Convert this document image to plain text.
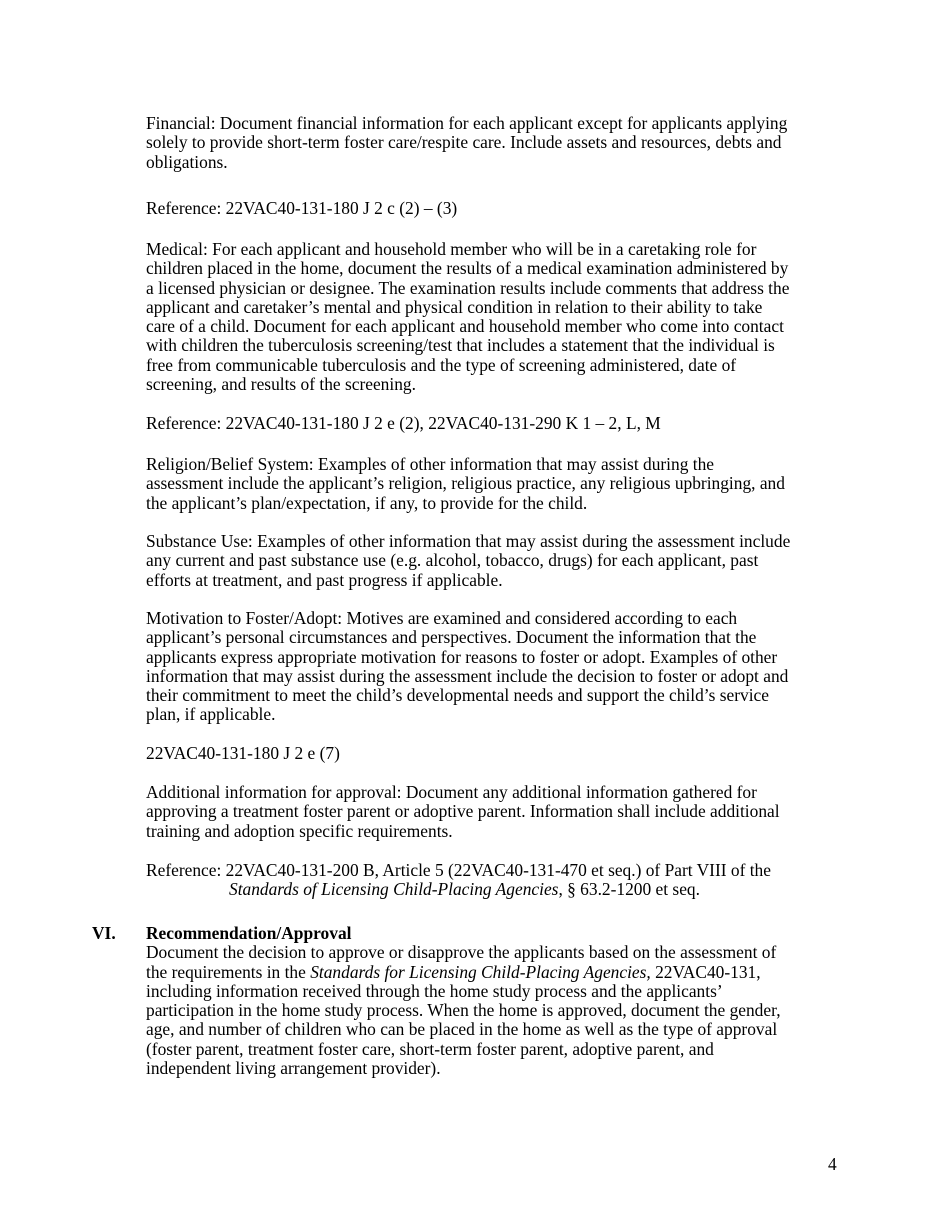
Financial: Document financial information for each applicant except for applicants applying
solely to provide short-term foster care/respite care. Include assets and resources, debts and
obligations.

Reference: 22VAC40-131-180 J 2 c (2) – (3)

Medical: For each applicant and household member who will be in a caretaking role for
children placed in the home, document the results of a medical examination administered by
a licensed physician or designee. The examination results include comments that address the
applicant and caretaker’s mental and physical condition in relation to their ability to take
care of a child. Document for each applicant and household member who come into contact
with children the tuberculosis screening/test that includes a statement that the individual is
free from communicable tuberculosis and the type of screening administered, date of
screening, and results of the screening.

Reference: 22VAC40-131-180 J 2 e (2), 22VAC40-131-290 K 1 – 2, L, M

Religion/Belief System: Examples of other information that may assist during the
assessment include the applicant’s religion, religious practice, any religious upbringing, and
the applicant’s plan/expectation, if any, to provide for the child.

Substance Use: Examples of other information that may assist during the assessment include
any current and past substance use (e.g. alcohol, tobacco, drugs) for each applicant, past
efforts at treatment, and past progress if applicable.

Motivation to Foster/Adopt: Motives are examined and considered according to each
applicant’s personal circumstances and perspectives. Document the information that the
applicants express appropriate motivation for reasons to foster or adopt. Examples of other
information that may assist during the assessment include the decision to foster or adopt and
their commitment to meet the child’s developmental needs and support the child’s service
plan, if applicable.

22VAC40-131-180 J 2 e (7)

Additional information for approval: Document any additional information gathered for
approving a treatment foster parent or adoptive parent. Information shall include additional
training and adoption specific requirements.

Reference: 22VAC40-131-200 B, Article 5 (22VAC40-131-470 et seq.) of Part VIII of the
Standards of Licensing Child-Placing Agencies, § 63.2-1200 et seq.

VI. Recommendation/Approval
Document the decision to approve or disapprove the applicants based on the assessment of
the requirements in the Standards for Licensing Child-Placing Agencies, 22VAC40-131,
including information received through the home study process and the applicants’
participation in the home study process. When the home is approved, document the gender,
age, and number of children who can be placed in the home as well as the type of approval
(foster parent, treatment foster care, short-term foster parent, adoptive parent, and
independent living arrangement provider).

4
